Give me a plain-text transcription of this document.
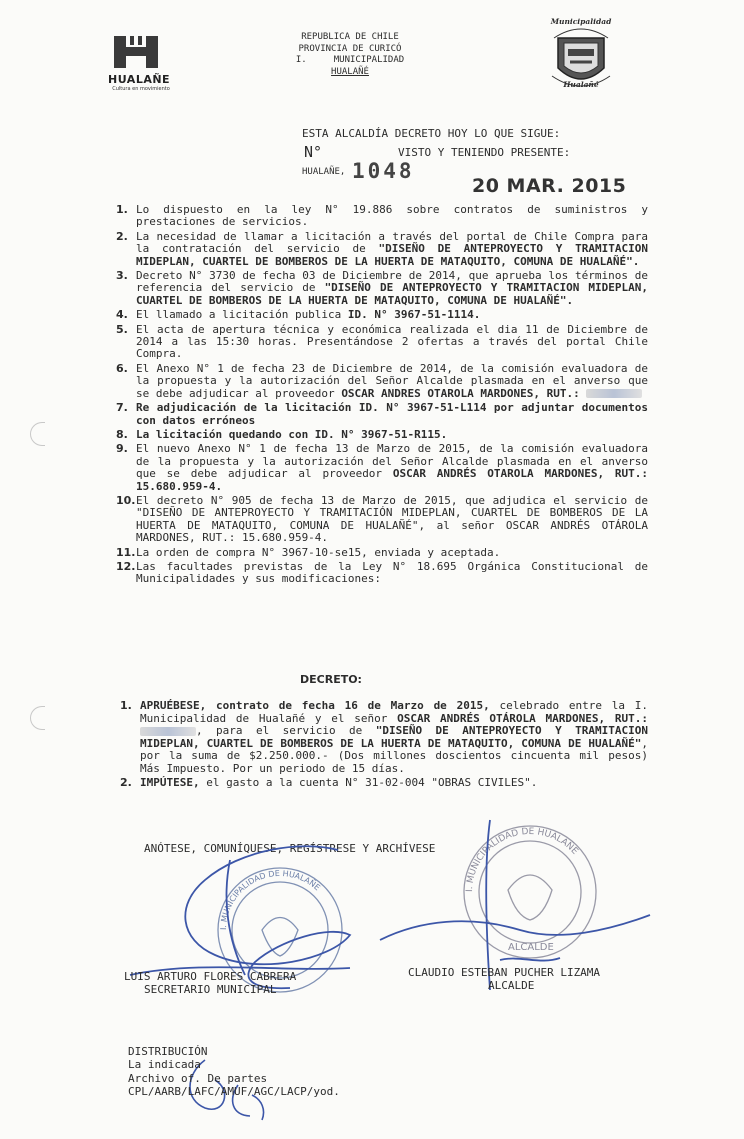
HUALAÑE
Cultura en movimiento
REPUBLICA DE CHILE
PROVINCIA DE CURICÓ
I.     MUNICIPALIDAD
HUALAÑÉ
Municipalidad
Hualañé
ESTA ALCALDÍA DECRETO HOY LO QUE SIGUE:
N°	VISTO Y TENIENDO PRESENTE:
HUALAÑE, 1048
20 MAR. 2015
1. Lo dispuesto en la ley N° 19.886 sobre contratos de suministros y prestaciones de servicios.
2. La necesidad de llamar a licitación a través del portal de Chile Compra para la contratación del servicio de "DISEÑO DE ANTEPROYECTO Y TRAMITACION MIDEPLAN, CUARTEL DE BOMBEROS DE LA HUERTA DE MATAQUITO, COMUNA DE HUALAÑÉ".
3. Decreto N° 3730 de fecha 03 de Diciembre de 2014, que aprueba los términos de referencia del servicio de "DISEÑO DE ANTEPROYECTO Y TRAMITACION MIDEPLAN, CUARTEL DE BOMBEROS DE LA HUERTA DE MATAQUITO, COMUNA DE HUALAÑÉ".
4. El llamado a licitación publica ID. N° 3967-51-1114.
5. El acta de apertura técnica y económica realizada el dia 11 de Diciembre de 2014 a las 15:30 horas. Presentándose 2 ofertas a través del portal Chile Compra.
6. El Anexo N° 1 de fecha 23 de Diciembre de 2014, de la comisión evaluadora de la propuesta y la autorización del Señor Alcalde plasmada en el anverso que se debe adjudicar al proveedor OSCAR ANDRES OTAROLA MARDONES, RUT.:
7. Re adjudicación de la licitación ID. N° 3967-51-L114 por adjuntar documentos con datos erróneos
8. La licitación quedando con ID. N° 3967-51-R115.
9. El nuevo Anexo N° 1 de fecha 13 de Marzo de 2015, de la comisión evaluadora de la propuesta y la autorización del Señor Alcalde plasmada en el anverso que se debe adjudicar al proveedor OSCAR ANDRÉS OTAROLA MARDONES, RUT.: 15.680.959-4.
10. El decreto N° 905 de fecha 13 de Marzo de 2015, que adjudica el servicio de "DISEÑO DE ANTEPROYECTO Y TRAMITACIÓN MIDEPLAN, CUARTEL DE BOMBEROS DE LA HUERTA DE MATAQUITO, COMUNA DE HUALAÑÉ", al señor OSCAR ANDRÉS OTÁROLA MARDONES, RUT.: 15.680.959-4.
11. La orden de compra N° 3967-10-se15, enviada y aceptada.
12. Las facultades previstas de la Ley N° 18.695 Orgánica Constitucional de Municipalidades y sus modificaciones:
DECRETO:
1. APRUÉBESE, contrato de fecha 16 de Marzo de 2015, celebrado entre la I. Municipalidad de Hualañé y el señor OSCAR ANDRÉS OTÁROLA MARDONES, RUT.: , para el servicio de "DISEÑO DE ANTEPROYECTO Y TRAMITACION MIDEPLAN, CUARTEL DE BOMBEROS DE LA HUERTA DE MATAQUITO, COMUNA DE HUALAÑÉ", por la suma de $2.250.000.- (Dos millones doscientos cincuenta mil pesos) Más Impuesto. Por un periodo de 15 días.
2. IMPÚTESE, el gasto a la cuenta N° 31-02-004 "OBRAS CIVILES".
ANÓTESE, COMUNÍQUESE, REGÍSTRESE Y ARCHÍVESE
I. MUNICIPALIDAD DE HUALAÑE	I. MUNICIPALIDAD DE HUALAÑE
ALCALDE
LUIS ARTURO FLORES CABRERA
SECRETARIO MUNICIPAL
CLAUDIO ESTEBAN PUCHER LIZAMA
ALCALDE
DISTRIBUCIÓN
La indicada
Archivo of. De partes
CPL/AARB/LAFC/AMUF/AGC/LACP/yod.
